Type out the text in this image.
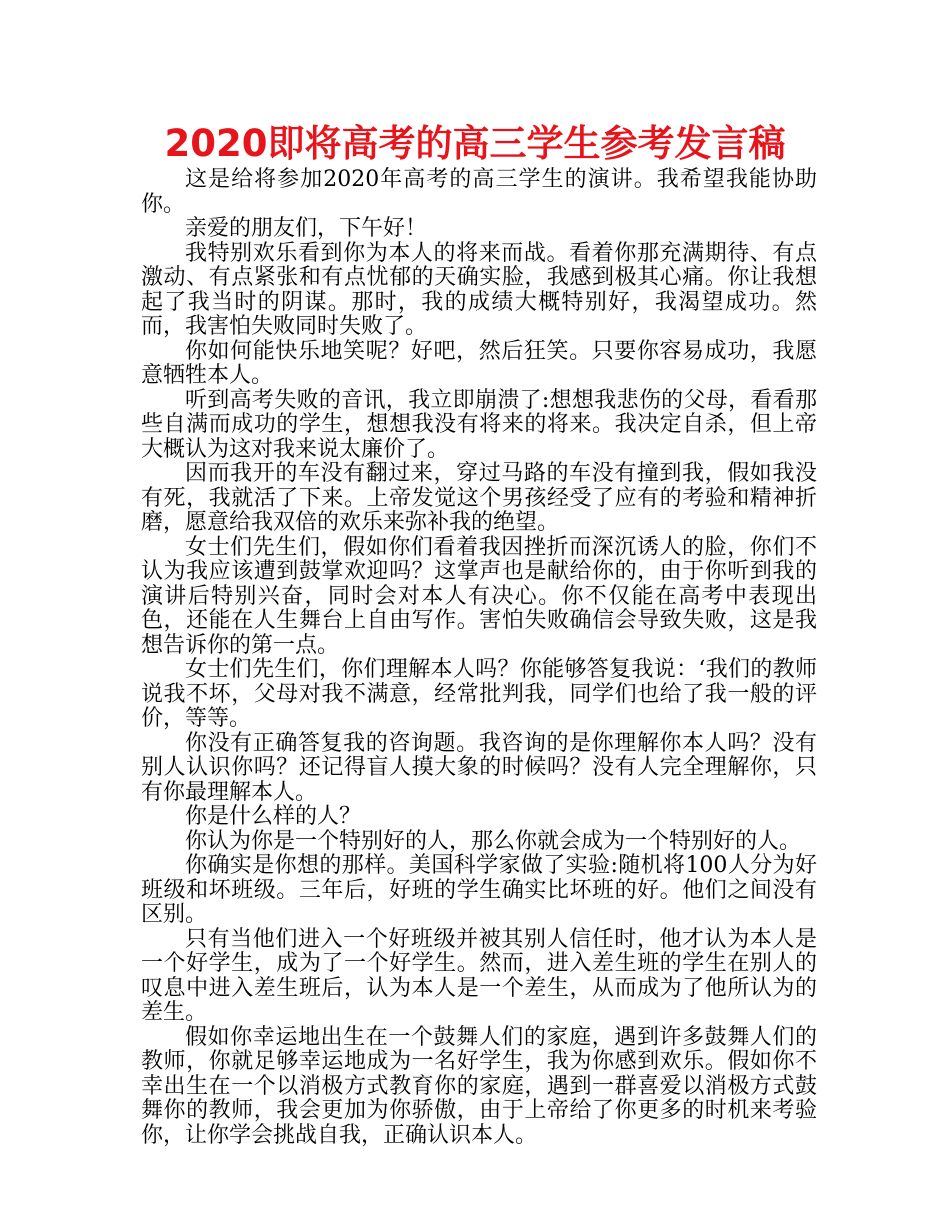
2020即将高考的高三学生参考发言稿

这是给将参加2020年高考的高三学生的演讲。我希望我能协助你。

亲爱的朋友们，下午好！

我特别欢乐看到你为本人的将来而战。看着你那充满期待、有点激动、有点紧张和有点忧郁的天确实脸，我感到极其心痛。你让我想起了我当时的阴谋。那时，我的成绩大概特别好，我渴望成功。然而，我害怕失败同时失败了。

你如何能快乐地笑呢？好吧，然后狂笑。只要你容易成功，我愿意牺牲本人。

听到高考失败的音讯，我立即崩溃了:想想我悲伤的父母，看看那些自满而成功的学生，想想我没有将来的将来。我决定自杀，但上帝大概认为这对我来说太廉价了。

因而我开的车没有翻过来，穿过马路的车没有撞到我，假如我没有死，我就活了下来。上帝发觉这个男孩经受了应有的考验和精神折磨，愿意给我双倍的欢乐来弥补我的绝望。

女士们先生们，假如你们看着我因挫折而深沉诱人的脸，你们不认为我应该遭到鼓掌欢迎吗？这掌声也是献给你的，由于你听到我的演讲后特别兴奋，同时会对本人有决心。你不仅能在高考中表现出色，还能在人生舞台上自由写作。害怕失败确信会导致失败，这是我想告诉你的第一点。

女士们先生们，你们理解本人吗？你能够答复我说：‘我们的教师说我不坏，父母对我不满意，经常批判我，同学们也给了我一般的评价，等等。

你没有正确答复我的咨询题。我咨询的是你理解你本人吗？没有别人认识你吗？还记得盲人摸大象的时候吗？没有人完全理解你，只有你最理解本人。

你是什么样的人？

你认为你是一个特别好的人，那么你就会成为一个特别好的人。

你确实是你想的那样。美国科学家做了实验:随机将100人分为好班级和坏班级。三年后，好班的学生确实比坏班的好。他们之间没有区别。

只有当他们进入一个好班级并被其别人信任时，他才认为本人是一个好学生，成为了一个好学生。然而，进入差生班的学生在别人的叹息中进入差生班后，认为本人是一个差生，从而成为了他所认为的差生。

假如你幸运地出生在一个鼓舞人们的家庭，遇到许多鼓舞人们的教师，你就足够幸运地成为一名好学生，我为你感到欢乐。假如你不幸出生在一个以消极方式教育你的家庭，遇到一群喜爱以消极方式鼓舞你的教师，我会更加为你骄傲，由于上帝给了你更多的时机来考验你，让你学会挑战自我，正确认识本人。
